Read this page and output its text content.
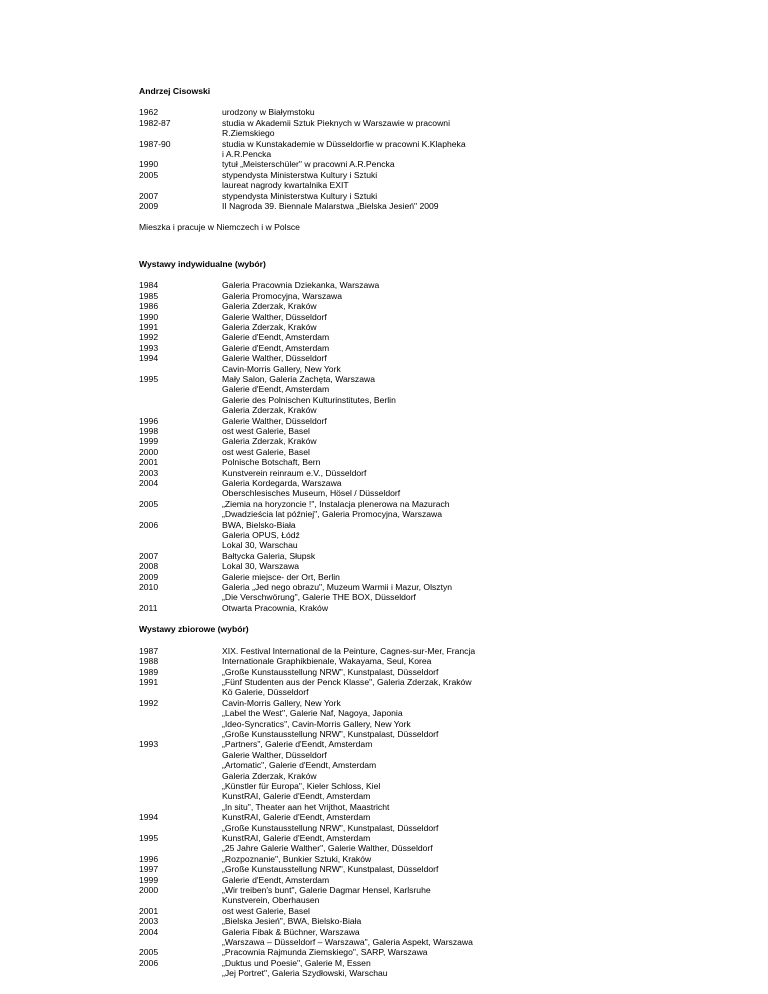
Andrzej Cisowski
1962	urodzony w Białymstoku
1982-87	studia w Akademii Sztuk Pieknych w Warszawie w pracowni
R.Ziemskiego
1987-90	studia w Kunstakademie w Düsseldorfie w pracowni K.Klapheka
i A.R.Pencka
1990	tytuł „Meisterschüler" w pracowni A.R.Pencka
2005	stypendysta Ministerstwa Kultury i Sztuki
laureat nagrody kwartalnika EXIT
2007	stypendysta Ministerstwa Kultury i Sztuki
2009	II Nagroda 39. Biennale Malarstwa „Bielska Jesień" 2009
Mieszka i pracuje w Niemczech i w Polsce
Wystawy indywidualne (wybór)
1984	Galeria Pracownia Dziekanka, Warszawa
1985	Galeria Promocyjna, Warszawa
1986	Galeria Zderzak, Kraków
1990	Galerie Walther, Düsseldorf
1991	Galeria Zderzak, Kraków
1992	Galerie d'Eendt, Amsterdam
1993	Galerie d'Eendt, Amsterdam
1994	Galerie Walther, Düsseldorf
Cavin-Morris Gallery, New York
1995	Mały Salon, Galeria Zachęta, Warszawa
Galerie d'Eendt, Amsterdam
Galerie des Polnischen Kulturinstitutes, Berlin
Galeria Zderzak, Kraków
1996	Galerie Walther, Düsseldorf
1998	ost west Galerie, Basel
1999	Galeria Zderzak, Kraków
2000	ost west Galerie, Basel
2001	Polnische Botschaft, Bern
2003	Kunstverein reinraum e.V., Düsseldorf
2004	Galeria Kordegarda, Warszawa
Oberschlesisches Museum, Hösel / Düsseldorf
2005	„Ziemia na horyzoncie !", Instalacja plenerowa na Mazurach
„Dwadzieścia lat później", Galeria Promocyjna, Warszawa
2006	BWA, Bielsko-Biała
Galeria OPUS, Łódź
Lokal 30, Warschau
2007	Bałtycka Galeria, Słupsk
2008	Lokal 30, Warszawa
2009	Galerie miejsce- der Ort, Berlin
2010	Galeria „Jed nego obrazu", Muzeum Warmii i Mazur, Olsztyn
„Die Verschwörung", Galerie THE BOX, Düsseldorf
2011	Otwarta Pracownia, Kraków
Wystawy zbiorowe (wybór)
1987	XIX. Festival International de la Peinture, Cagnes-sur-Mer, Francja
1988	Internationale Graphikbienale, Wakayama, Seul, Korea
1989	„Große Kunstausstellung NRW", Kunstpalast, Düsseldorf
1991	„Fünf Studenten aus der Penck Klasse", Galeria Zderzak, Kraków
Kö Galerie, Düsseldorf
1992	Cavin-Morris Gallery, New York
„Label the West", Galerie Naf, Nagoya, Japonia
„Ideo-Syncratics", Cavin-Morris Gallery, New York
„Große Kunstausstellung NRW", Kunstpalast, Düsseldorf
1993	„Partners", Galerie d'Eendt, Amsterdam
Galerie Walther, Düsseldorf
„Artomatic", Galerie d'Eendt, Amsterdam
Galeria Zderzak, Kraków
„Künstler für Europa", Kieler Schloss, Kiel
KunstRAI, Galerie d'Eendt, Amsterdam
„In situ", Theater aan het Vrijthot, Maastricht
1994	KunstRAI, Galerie d'Eendt, Amsterdam
„Große Kunstausstellung NRW", Kunstpalast, Düsseldorf
1995	KunstRAI, Galerie d'Eendt, Amsterdam
„25 Jahre Galerie Walther", Galerie Walther, Düsseldorf
1996	„Rozpoznanie", Bunkier Sztuki, Kraków
1997	„Große Kunstausstellung NRW", Kunstpalast, Düsseldorf
1999	Galerie d'Eendt, Amsterdam
2000	„Wir treiben's bunt", Galerie Dagmar Hensel, Karlsruhe
Kunstverein, Oberhausen
2001	ost west Galerie, Basel
2003	„Bielska Jesień", BWA, Bielsko-Biała
2004	Galeria Fibak & Büchner, Warszawa
„Warszawa – Düsseldorf – Warszawa", Galeria Aspekt, Warszawa
2005	„Pracownia Rajmunda Ziemskiego", SARP, Warszawa
2006	„Duktus und Poesie", Galerie M, Essen
„Jej Portret", Galeria Szydłowski, Warschau
